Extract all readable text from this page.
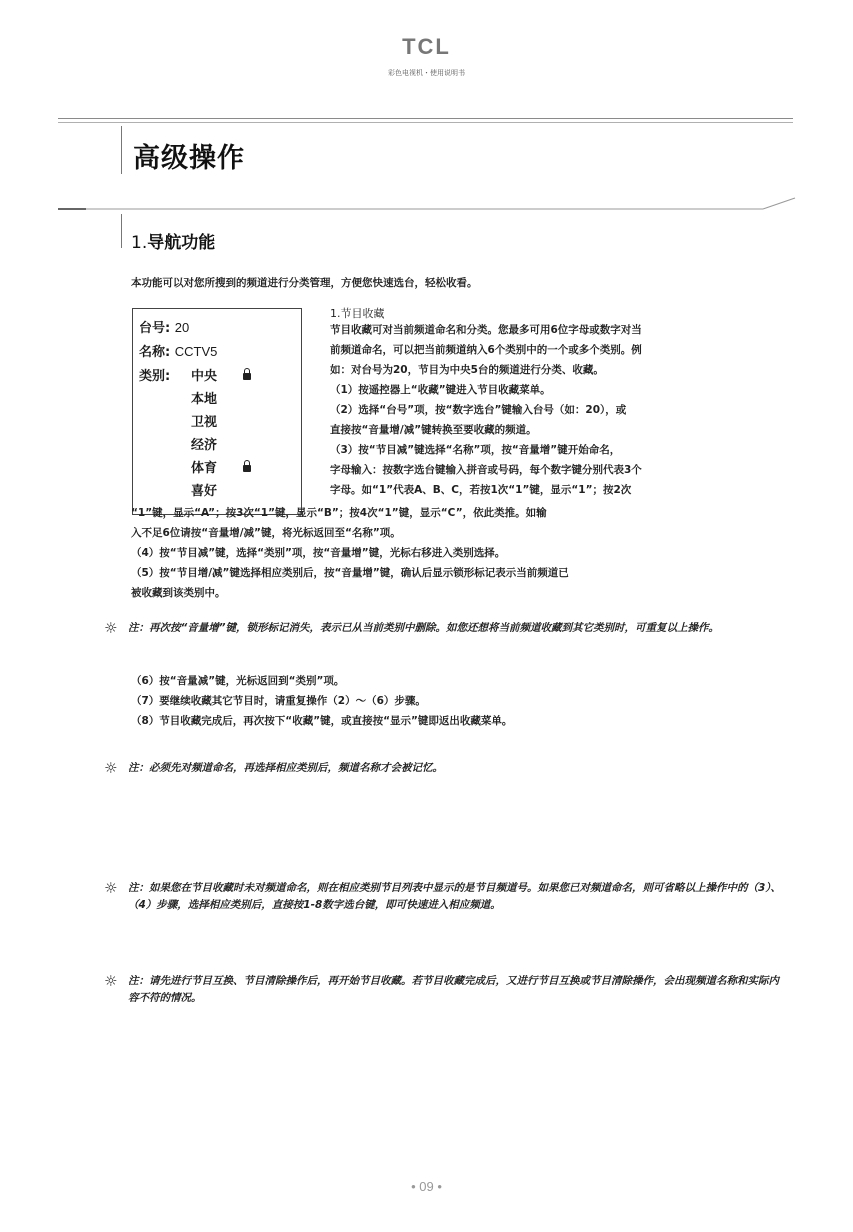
TCL
彩色电视机・使用说明书
高级操作
1.导航功能
本功能可以对您所搜到的频道进行分类管理，方便您快速选台，轻松收看。
台号: 20
名称: CCTV5
类别: 中央
本地
卫视
经济
体育
喜好
1.节目收藏
节目收藏可对当前频道命名和分类。您最多可用6位字母或数字对当
前频道命名，可以把当前频道纳入6个类别中的一个或多个类别。例
如：对台号为20，节目为中央5台的频道进行分类、收藏。
（1）按遥控器上“收藏”键进入节目收藏菜单。
（2）选择“台号”项，按“数字选台”键输入台号（如：20），或
直接按“音量增/减”键转换至要收藏的频道。
（3）按“节目减”键选择“名称”项，按“音量增”键开始命名，
字母输入：按数字选台键输入拼音或号码，每个数字键分别代表3个
字母。如“1”代表A、B、C，若按1次“1”键，显示“1”；按2次
“1”键，显示“A”；按3次“1”键，显示“B”；按4次“1”键，显示“C”，依此类推。如输
入不足6位请按“音量增/减”键，将光标返回至“名称”项。
（4）按“节目减”键，选择“类别”项，按“音量增”键，光标右移进入类别选择。
（5）按“节目增/减”键选择相应类别后，按“音量增”键，确认后显示锁形标记表示当前频道已
被收藏到该类别中。
☼ 注：再次按“音量增”键，锁形标记消失，表示已从当前类别中删除。如您还想将当前频道收藏到其它类别时，可重复以上操作。
（6）按“音量减”键，光标返回到“类别”项。
（7）要继续收藏其它节目时，请重复操作（2）～（6）步骤。
（8）节目收藏完成后，再次按下“收藏”键，或直接按“显示”键即返出收藏菜单。
☼ 注：必须先对频道命名，再选择相应类别后，频道名称才会被记忆。
☼ 注：如果您在节目收藏时未对频道命名，则在相应类别节目列表中显示的是节目频道号。如果您已对频道命名，则可省略以上操作中的（3）、（4）步骤，选择相应类别后，直接按1-8数字选台键，即可快速进入相应频道。
☼ 注：请先进行节目互换、节目清除操作后，再开始节目收藏。若节目收藏完成后，又进行节目互换或节目清除操作，会出现频道名称和实际内容不符的情况。
• 09 •
